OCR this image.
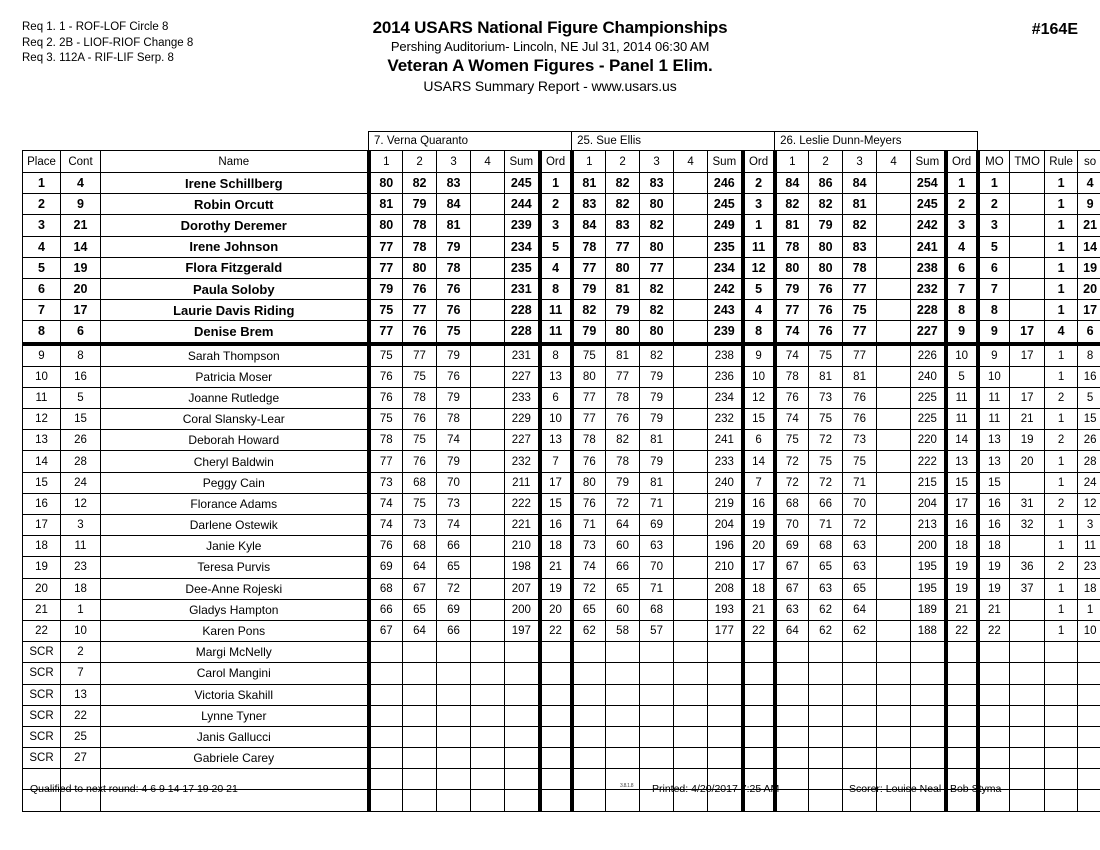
Req 1. 1 - ROF-LOF Circle 8
Req 2. 2B - LIOF-RIOF Change 8
Req 3. 112A - RIF-LIF Serp. 8
2014 USARS National Figure Championships
Pershing Auditorium- Lincoln, NE Jul 31, 2014 06:30 AM
Veteran A Women Figures - Panel 1 Elim.
USARS Summary Report - www.usars.us
#164E
			7. Verna Quaranto						25. Sue Ellis						26. Leslie Dunn-Meyers									
Place	Cont	Name	1	2	3	4	Sum	Ord	1	2	3	4	Sum	Ord	1	2	3	4	Sum	Ord	MO	TMO	Rule	so
1	4	Irene Schillberg	80	82	83		245	1	81	82	83		246	2	84	86	84		254	1	1		1	4
2	9	Robin Orcutt	81	79	84		244	2	83	82	80		245	3	82	82	81		245	2	2		1	9
3	21	Dorothy Deremer	80	78	81		239	3	84	83	82		249	1	81	79	82		242	3	3		1	21
4	14	Irene Johnson	77	78	79		234	5	78	77	80		235	11	78	80	83		241	4	5		1	14
5	19	Flora Fitzgerald	77	80	78		235	4	77	80	77		234	12	80	80	78		238	6	6		1	19
6	20	Paula Soloby	79	76	76		231	8	79	81	82		242	5	79	76	77		232	7	7		1	20
7	17	Laurie Davis Riding	75	77	76		228	11	82	79	82		243	4	77	76	75		228	8	8		1	17
8	6	Denise Brem	77	76	75		228	11	79	80	80		239	8	74	76	77		227	9	9	17	4	6
9	8	Sarah Thompson	75	77	79		231	8	75	81	82		238	9	74	75	77		226	10	9	17	1	8
10	16	Patricia Moser	76	75	76		227	13	80	77	79		236	10	78	81	81		240	5	10		1	16
11	5	Joanne Rutledge	76	78	79		233	6	77	78	79		234	12	76	73	76		225	11	11	17	2	5
12	15	Coral Slansky-Lear	75	76	78		229	10	77	76	79		232	15	74	75	76		225	11	11	21	1	15
13	26	Deborah Howard	78	75	74		227	13	78	82	81		241	6	75	72	73		220	14	13	19	2	26
14	28	Cheryl Baldwin	77	76	79		232	7	76	78	79		233	14	72	75	75		222	13	13	20	1	28
15	24	Peggy Cain	73	68	70		211	17	80	79	81		240	7	72	72	71		215	15	15		1	24
16	12	Florance Adams	74	75	73		222	15	76	72	71		219	16	68	66	70		204	17	16	31	2	12
17	3	Darlene Ostewik	74	73	74		221	16	71	64	69		204	19	70	71	72		213	16	16	32	1	3
18	11	Janie Kyle	76	68	66		210	18	73	60	63		196	20	69	68	63		200	18	18		1	11
19	23	Teresa Purvis	69	64	65		198	21	74	66	70		210	17	67	65	63		195	19	19	36	2	23
20	18	Dee-Anne Rojeski	68	67	72		207	19	72	65	71		208	18	67	63	65		195	19	19	37	1	18
21	1	Gladys Hampton	66	65	69		200	20	65	60	68		193	21	63	62	64		189	21	21		1	1
22	10	Karen Pons	67	64	66		197	22	62	58	57		177	22	64	62	62		188	22	22		1	10
SCR	2	Margi McNelly																						
SCR	7	Carol Mangini																						
SCR	13	Victoria Skahill																						
SCR	22	Lynne Tyner																						
SCR	25	Janis Gallucci																						
SCR	27	Gabriele Carey																						

Qualified to next round: 4 6 9 14 17 19 20 21	3.8.1.8 Printed: 4/20/2017 7:25 AM	Scorer: Louise Neal / Bob Styma
